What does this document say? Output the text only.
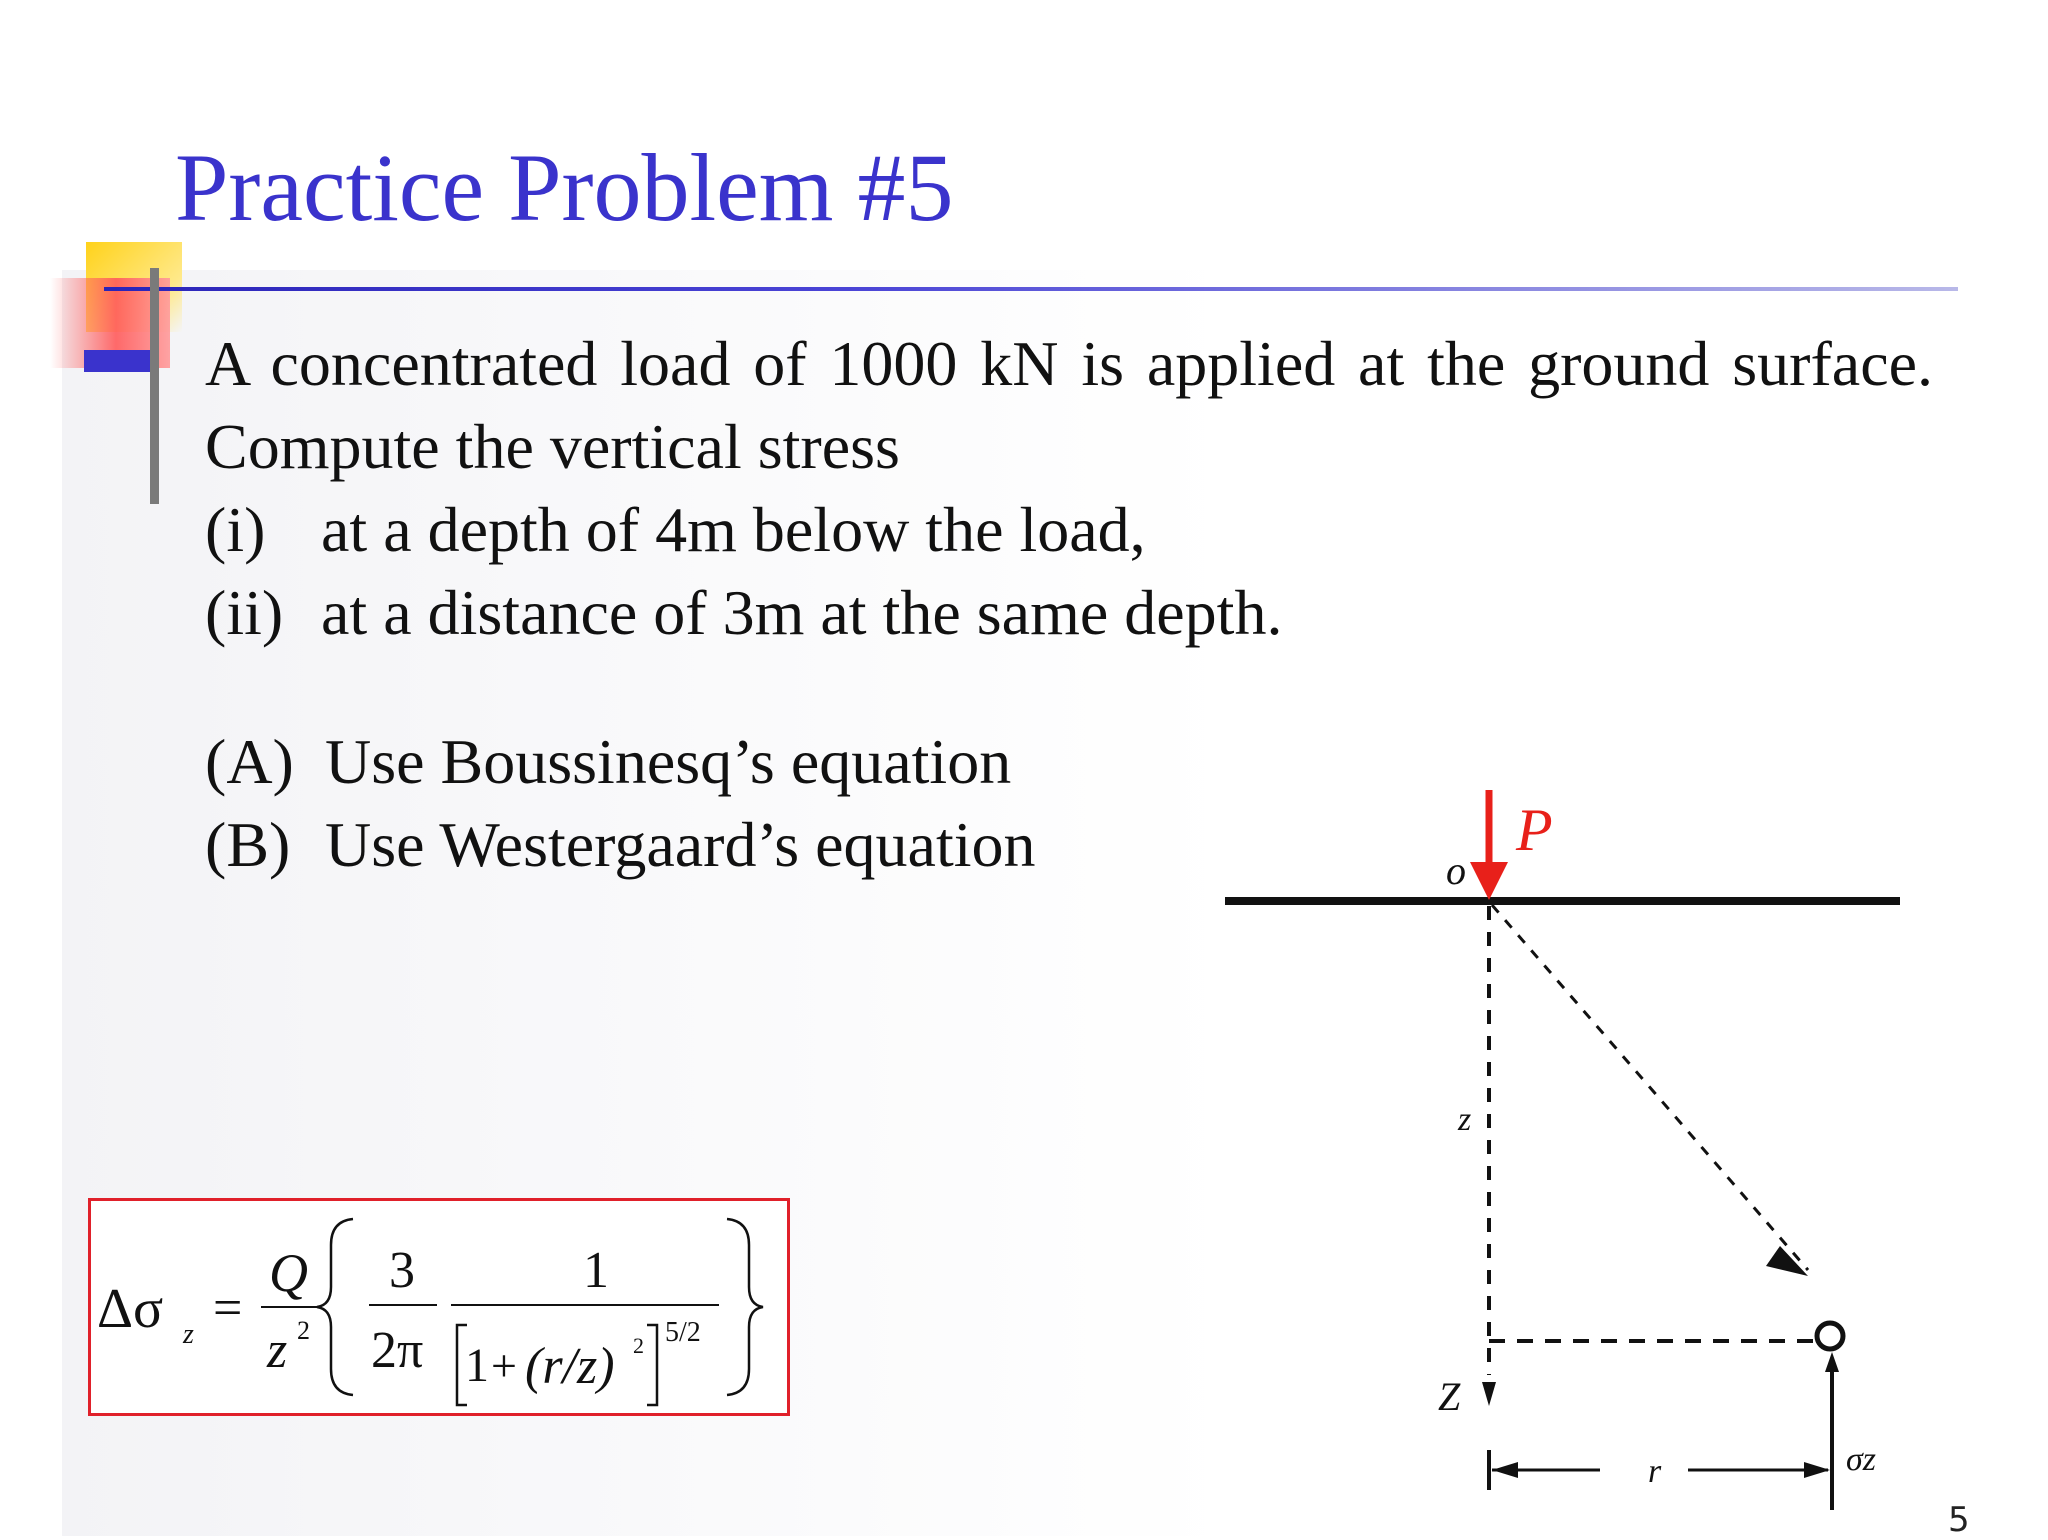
Practice Problem #5
A concentrated load of 1000 kN is applied at the ground surface. Compute the vertical stress
(i) at a depth of 4m below the load,
(ii) at a distance of 3m at the same depth.
(A) Use Boussinesq’s equation
(B) Use Westergaard’s equation
Δσ z =
Q
z 2
3
2π
1
1 + (r/z) 2 5/2
P
o
z
Z
σz
r
5
